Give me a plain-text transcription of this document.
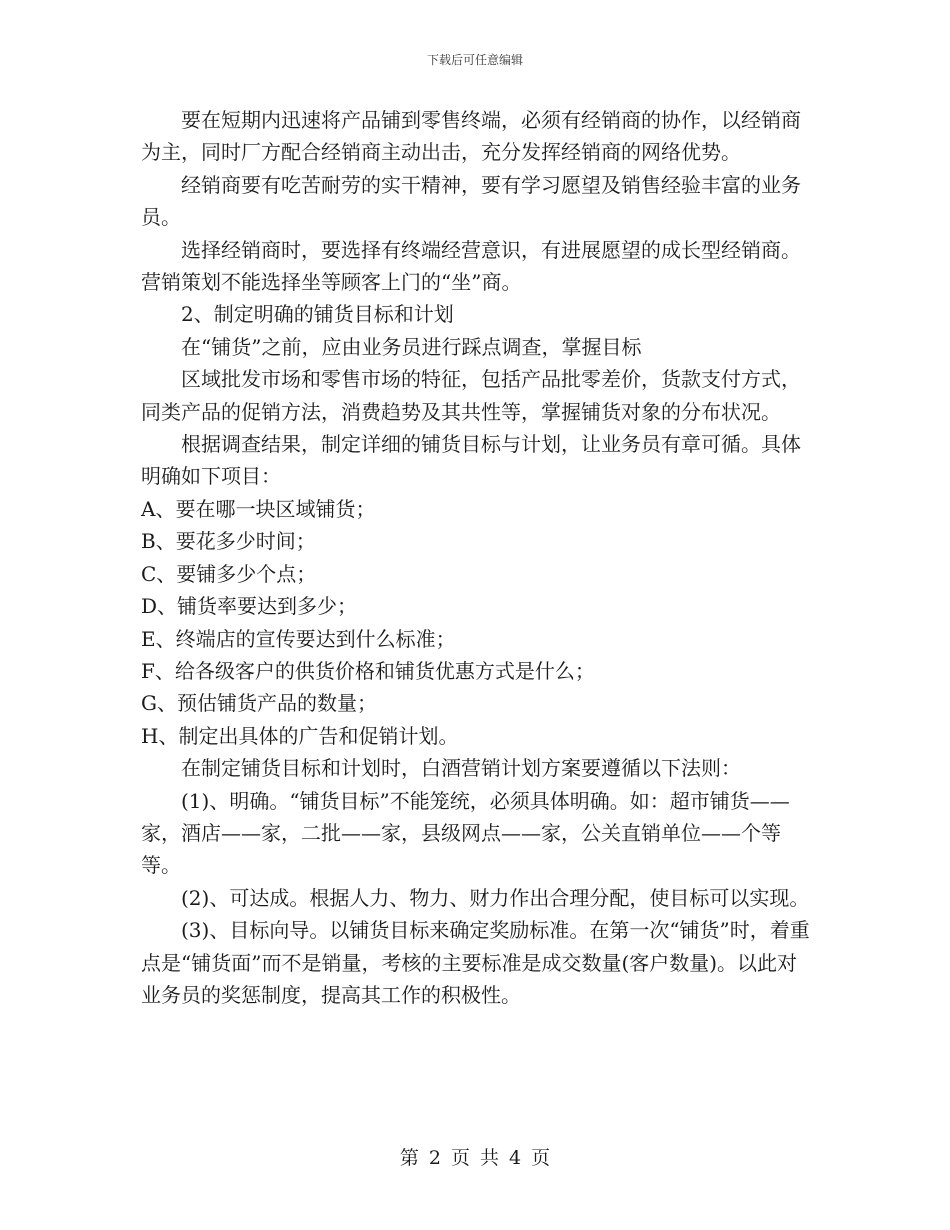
下载后可任意编辑

要在短期内迅速将产品铺到零售终端，必须有经销商的协作，以经销商为主，同时厂方配合经销商主动出击，充分发挥经销商的网络优势。

经销商要有吃苦耐劳的实干精神，要有学习愿望及销售经验丰富的业务员。

选择经销商时，要选择有终端经营意识，有进展愿望的成长型经销商。营销策划不能选择坐等顾客上门的“坐”商。

2、制定明确的铺货目标和计划

在“铺货”之前，应由业务员进行踩点调查，掌握目标

区域批发市场和零售市场的特征，包括产品批零差价，货款支付方式，同类产品的促销方法，消费趋势及其共性等，掌握铺货对象的分布状况。

根据调查结果，制定详细的铺货目标与计划，让业务员有章可循。具体明确如下项目：

A、要在哪一块区域铺货；

B、要花多少时间；

C、要铺多少个点；

D、铺货率要达到多少；

E、终端店的宣传要达到什么标准；

F、给各级客户的供货价格和铺货优惠方式是什么；

G、预估铺货产品的数量；

H、制定出具体的广告和促销计划。

在制定铺货目标和计划时，白酒营销计划方案要遵循以下法则：

(1)、明确。“铺货目标”不能笼统，必须具体明确。如：超市铺货——家，酒店——家，二批——家，县级网点——家，公关直销单位——个等等。

(2)、可达成。根据人力、物力、财力作出合理分配，使目标可以实现。

(3)、目标向导。以铺货目标来确定奖励标准。在第一次“铺货”时，着重点是“铺货面”而不是销量，考核的主要标准是成交数量(客户数量)。以此对业务员的奖惩制度，提高其工作的积极性。

第 2 页 共 4 页
